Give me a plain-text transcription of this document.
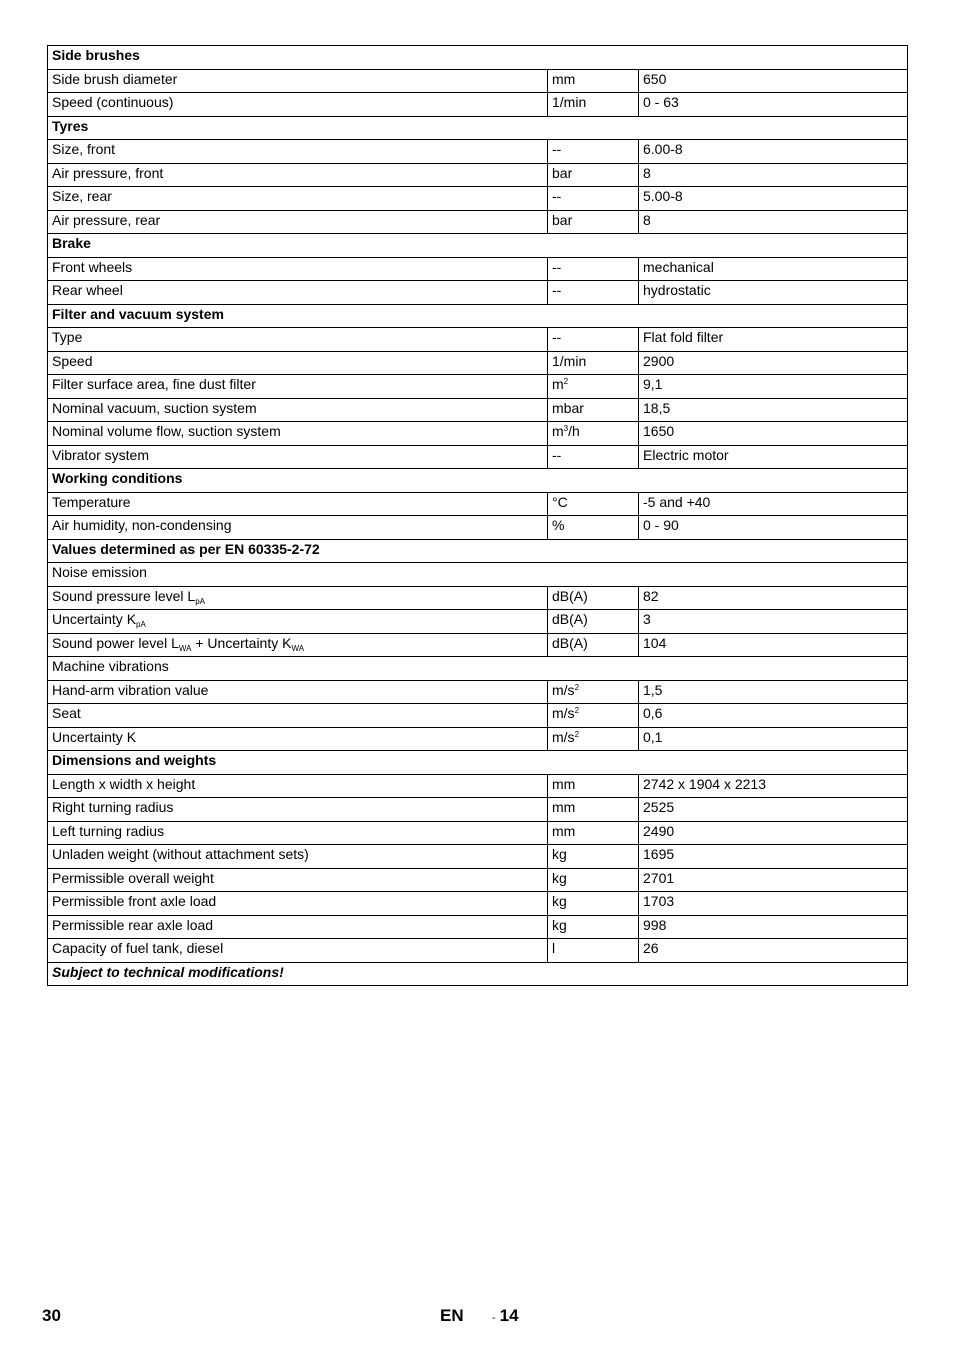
Side brushes		
Side brush diameter	mm	650
Speed (continuous)	1/min	0 - 63
Tyres		
Size, front	--	6.00-8
Air pressure, front	bar	8
Size, rear	--	5.00-8
Air pressure, rear	bar	8
Brake		
Front wheels	--	mechanical
Rear wheel	--	hydrostatic
Filter and vacuum system		
Type	--	Flat fold filter
Speed	1/min	2900
Filter surface area, fine dust filter	$m^2$	9,1
Nominal vacuum, suction system	mbar	18,5
Nominal volume flow, suction system	$m^3/h$	1650
Vibrator system	--	Electric motor
Working conditions		
Temperature	°C	-5 and +40
Air humidity, non-condensing	%	0 - 90
Values determined as per EN 60335-2-72		
Noise emission		
Sound pressure level $L_{pA}$	dB(A)	82
Uncertainty $K_{pA}$	dB(A)	3
Sound power level $L_{WA}$ + Uncertainty $K_{WA}$	dB(A)	104
Machine vibrations		
Hand-arm vibration value	$m/s^2$	1,5
Seat	$m/s^2$	0,6
Uncertainty K	$m/s^2$	0,1
Dimensions and weights		
Length x width x height	mm	2742 x 1904 x 2213
Right turning radius	mm	2525
Left turning radius	mm	2490
Unladen weight (without attachment sets)	kg	1695
Permissible overall weight	kg	2701
Permissible front axle load	kg	1703
Permissible rear axle load	kg	998
Capacity of fuel tank, diesel	l	26
Subject to technical modifications!		
30	EN	- 14
